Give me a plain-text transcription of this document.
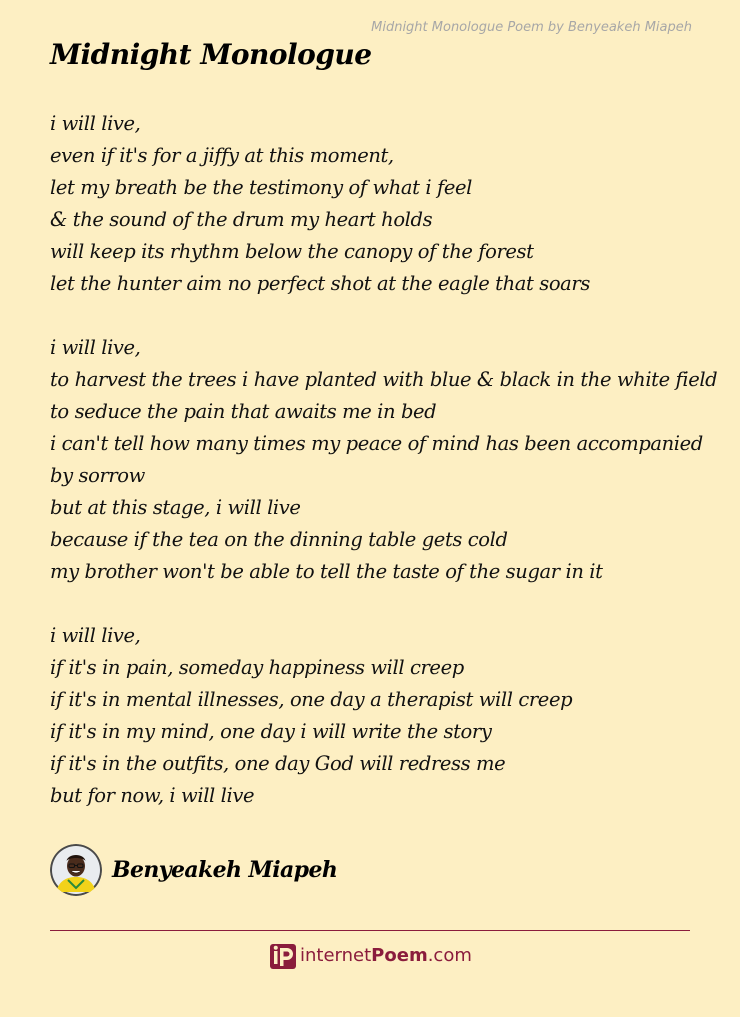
Midnight Monologue Poem by Benyeakeh Miapeh
Midnight Monologue
i will live,
even if it's for a jiffy at this moment,
let my breath be the testimony of what i feel
& the sound of the drum my heart holds
will keep its rhythm below the canopy of the forest
let the hunter aim no perfect shot at the eagle that soars
i will live,
to harvest the trees i have planted with blue & black in the white field
to seduce the pain that awaits me in bed
i can't tell how many times my peace of mind has been accompanied
by sorrow
but at this stage, i will live
because if the tea on the dinning table gets cold
my brother won't be able to tell the taste of the sugar in it
i will live,
if it's in pain, someday happiness will creep
if it's in mental illnesses, one day a therapist will creep
if it's in my mind, one day i will write the story
if it's in the outfits, one day God will redress me
but for now, i will live
Benyeakeh Miapeh
internet Poem .com
